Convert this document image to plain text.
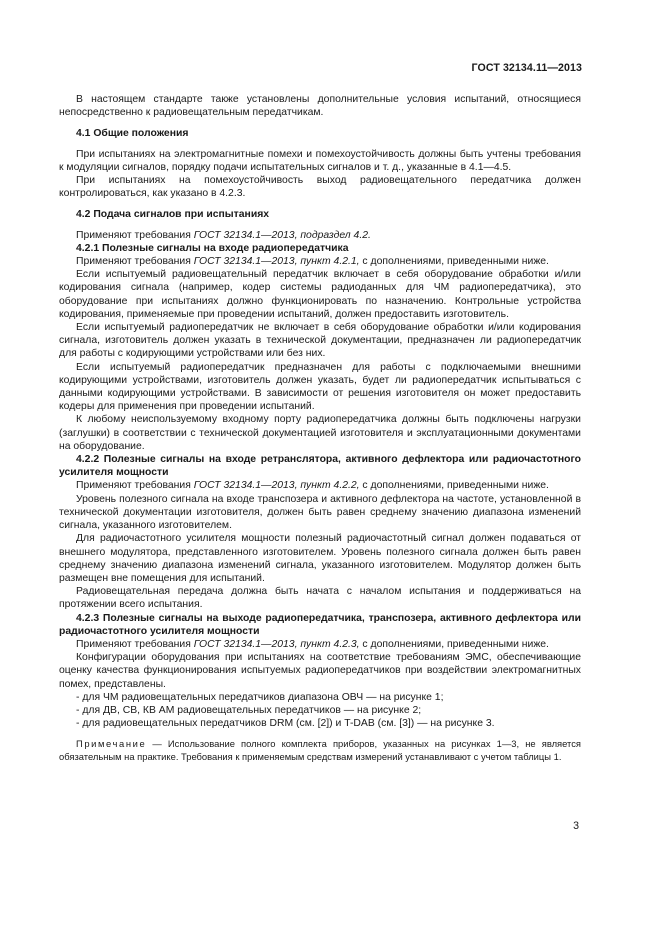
ГОСТ 32134.11—2013

В настоящем стандарте также установлены дополнительные условия испытаний, относящиеся непосредственно к радиовещательным передатчикам.

4.1 Общие положения

При испытаниях на электромагнитные помехи и помехоустойчивость должны быть учтены требования к модуляции сигналов, порядку подачи испытательных сигналов и т. д., указанные в 4.1—4.5.

При испытаниях на помехоустойчивость выход радиовещательного передатчика должен контролироваться, как указано в 4.2.3.

4.2 Подача сигналов при испытаниях

Применяют требования ГОСТ 32134.1—2013, подраздел 4.2.

4.2.1 Полезные сигналы на входе радиопередатчика

Применяют требования ГОСТ 32134.1—2013, пункт 4.2.1, с дополнениями, приведенными ниже.

Если испытуемый радиовещательный передатчик включает в себя оборудование обработки и/или кодирования сигнала (например, кодер системы радиоданных для ЧМ радиопередатчика), это оборудование при испытаниях должно функционировать по назначению. Контрольные устройства кодирования, применяемые при проведении испытаний, должен предоставить изготовитель.

Если испытуемый радиопередатчик не включает в себя оборудование обработки и/или кодирования сигнала, изготовитель должен указать в технической документации, предназначен ли радиопередатчик для работы с кодирующими устройствами или без них.

Если испытуемый радиопередатчик предназначен для работы с подключаемыми внешними кодирующими устройствами, изготовитель должен указать, будет ли радиопередатчик испытываться с данными кодирующими устройствами. В зависимости от решения изготовителя он может предоставить кодеры для применения при проведении испытаний.

К любому неиспользуемому входному порту радиопередатчика должны быть подключены нагрузки (заглушки) в соответствии с технической документацией изготовителя и эксплуатационными документами на оборудование.

4.2.2 Полезные сигналы на входе ретранслятора, активного дефлектора или радиочастотного усилителя мощности

Применяют требования ГОСТ 32134.1—2013, пункт 4.2.2, с дополнениями, приведенными ниже.

Уровень полезного сигнала на входе транспозера и активного дефлектора на частоте, установленной в технической документации изготовителя, должен быть равен среднему значению диапазона изменений сигнала, указанного изготовителем.

Для радиочастотного усилителя мощности полезный радиочастотный сигнал должен подаваться от внешнего модулятора, представленного изготовителем. Уровень полезного сигнала должен быть равен среднему значению диапазона изменений сигнала, указанного изготовителем. Модулятор должен быть размещен вне помещения для испытаний.

Радиовещательная передача должна быть начата с началом испытания и поддерживаться на протяжении всего испытания.

4.2.3 Полезные сигналы на выходе радиопередатчика, транспозера, активного дефлектора или радиочастотного усилителя мощности

Применяют требования ГОСТ 32134.1—2013, пункт 4.2.3, с дополнениями, приведенными ниже.

Конфигурации оборудования при испытаниях на соответствие требованиям ЭМС, обеспечивающие оценку качества функционирования испытуемых радиопередатчиков при воздействии электромагнитных помех, представлены.

- для ЧМ радиовещательных передатчиков диапазона ОВЧ — на рисунке 1;

- для ДВ, СВ, КВ АМ радиовещательных передатчиков — на рисунке 2;

- для радиовещательных передатчиков DRM (см. [2]) и T-DAB (см. [3]) — на рисунке 3.

Примечание — Использование полного комплекта приборов, указанных на рисунках 1—3, не является обязательным на практике. Требования к применяемым средствам измерений устанавливают с учетом таблицы 1.

3
